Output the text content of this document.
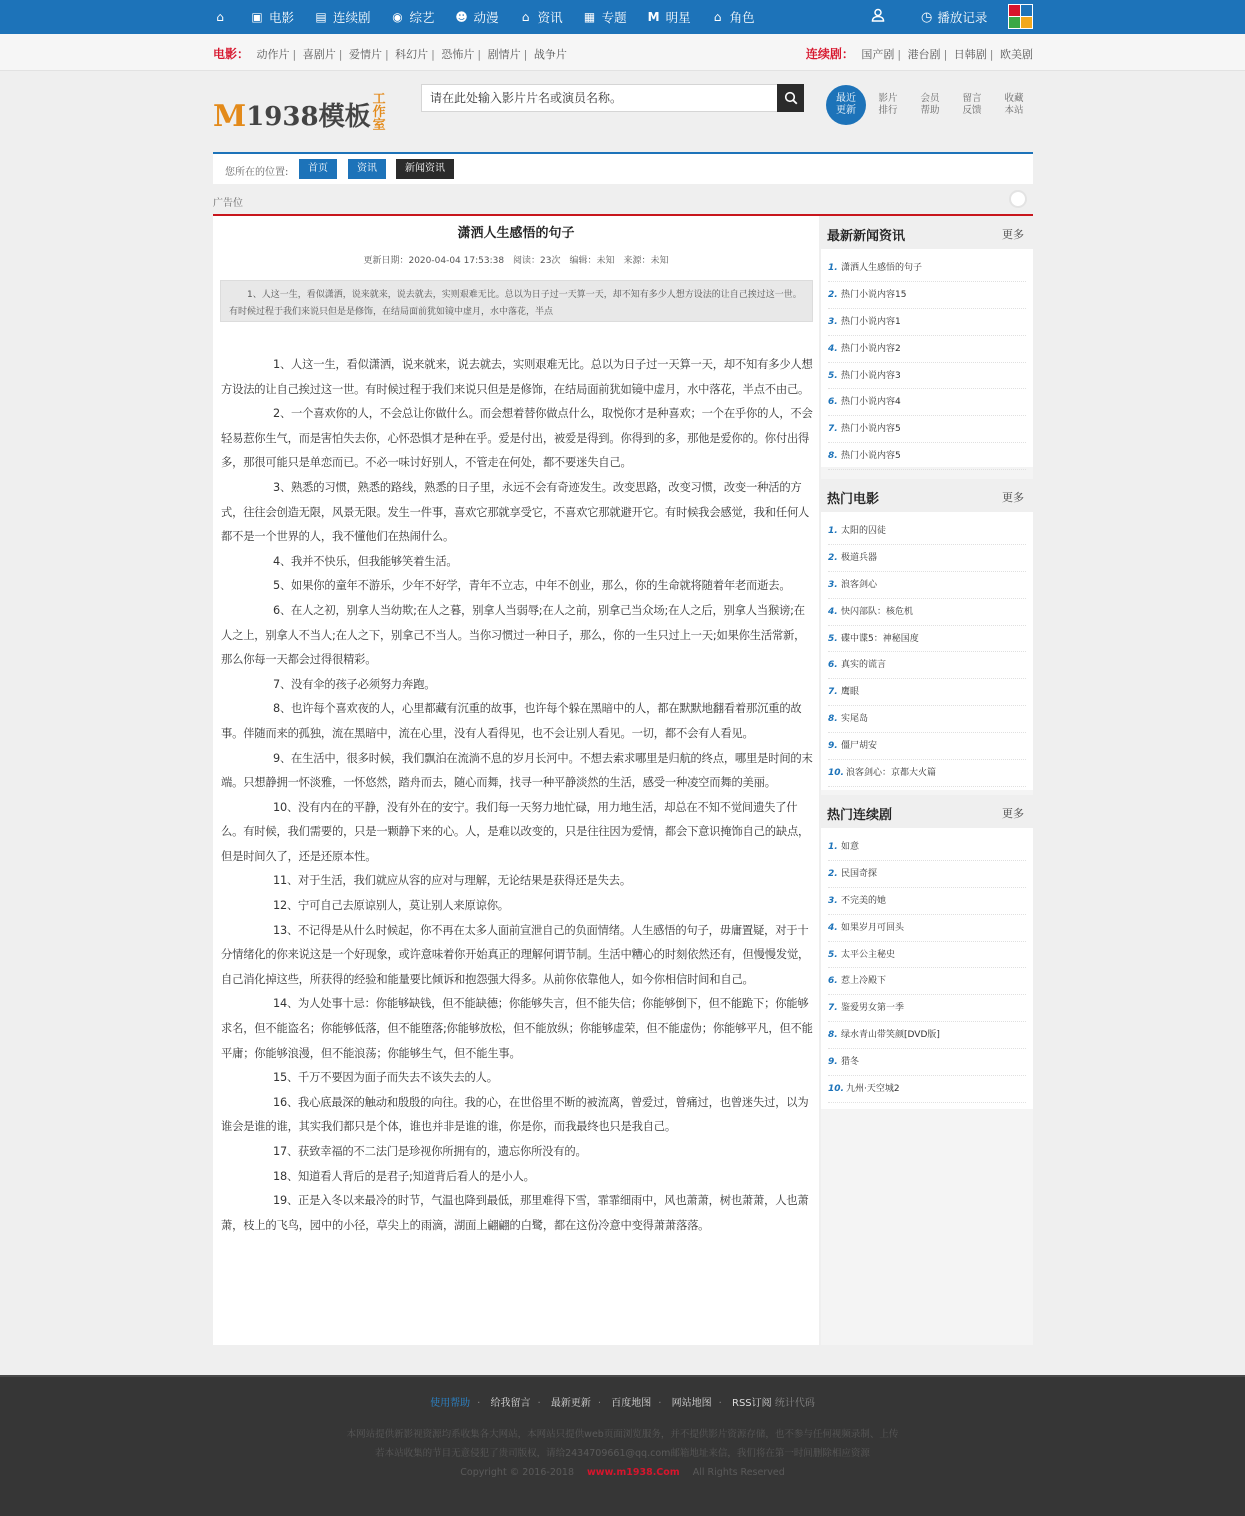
⌂ ▣ 电影 ▤ 连续剧 ◉ 综艺 ☻ 动漫 ⌂ 资讯 ▦ 专题 M 明星 ⌂ 角色	◷ 播放记录
电影： 动作片 | 喜剧片 | 爱情片 | 科幻片 | 恐怖片 | 剧情片 | 战争片	连续剧： 国产剧 | 港台剧 | 日韩剧 | 欧美剧
M 1938模板
工
作
室
请在此处输入影片片名或演员名称。
最近
更新
影片
排行
会员
帮助
留言
反馈
收藏
本站
您所在的位置:	首页	资讯	新闻资讯
广告位
潇洒人生感悟的句子
更新日期：2020-04-04 17:53:38　阅读：23次　编辑：未知　来源：未知
1、人这一生，看似潇洒，说来就来，说去就去，实则艰难无比。总以为日子过一天算一天，却不知有多少人想方设法的让自己挨过这一世。有时候过程于我们来说只但是是修饰，在结局面前犹如镜中虚月，水中落花，半点

1、人这一生，看似潇洒，说来就来，说去就去，实则艰难无比。总以为日子过一天算一天，却不知有多少人想方设法的让自己挨过这一世。有时候过程于我们来说只但是是修饰，在结局面前犹如镜中虚月，水中落花，半点不由己。

2、一个喜欢你的人，不会总让你做什么。而会想着替你做点什么，取悦你才是种喜欢；一个在乎你的人，不会轻易惹你生气，而是害怕失去你，心怀恐惧才是种在乎。爱是付出，被爱是得到。你得到的多，那他是爱你的。你付出得多，那很可能只是单恋而已。不必一味讨好别人，不管走在何处，都不要迷失自己。

3、熟悉的习惯，熟悉的路线，熟悉的日子里，永远不会有奇迹发生。改变思路，改变习惯，改变一种活的方式，往往会创造无限，风景无限。发生一件事，喜欢它那就享受它，不喜欢它那就避开它。有时候我会感觉，我和任何人都不是一个世界的人，我不懂他们在热闹什么。

4、我并不快乐，但我能够笑着生活。

5、如果你的童年不游乐，少年不好学，青年不立志，中年不创业，那么，你的生命就将随着年老而逝去。

6、在人之初，别拿人当幼欺;在人之暮，别拿人当弱辱;在人之前，别拿己当众场;在人之后，别拿人当猴谤;在人之上，别拿人不当人;在人之下，别拿己不当人。当你习惯过一种日子，那么，你的一生只过上一天;如果你生活常新，那么你每一天都会过得很精彩。

7、没有伞的孩子必须努力奔跑。

8、也许每个喜欢夜的人，心里都藏有沉重的故事，也许每个躲在黑暗中的人，都在默默地翻看着那沉重的故事。伴随而来的孤独，流在黑暗中，流在心里，没有人看得见，也不会让别人看见。一切，都不会有人看见。

9、在生活中，很多时候，我们飘泊在流淌不息的岁月长河中。不想去索求哪里是归航的终点，哪里是时间的末端。只想静拥一怀淡雅，一怀悠然，踏舟而去，随心而舞，找寻一种平静淡然的生活，感受一种凌空而舞的美丽。

10、没有内在的平静，没有外在的安宁。我们每一天努力地忙碌，用力地生活，却总在不知不觉间遗失了什么。有时候，我们需要的，只是一颗静下来的心。人，是难以改变的，只是往往因为爱情，都会下意识掩饰自己的缺点，但是时间久了，还是还原本性。

11、对于生活，我们就应从容的应对与理解，无论结果是获得还是失去。

12、宁可自己去原谅别人，莫让别人来原谅你。

13、不记得是从什么时候起，你不再在太多人面前宣泄自己的负面情绪。人生感悟的句子，毋庸置疑，对于十分情绪化的你来说这是一个好现象，或许意味着你开始真正的理解何谓节制。生活中糟心的时刻依然还有，但慢慢发觉，自己消化掉这些，所获得的经验和能量要比倾诉和抱怨强大得多。从前你依靠他人，如今你相信时间和自己。

14、为人处事十忌：你能够缺钱，但不能缺德；你能够失言，但不能失信；你能够倒下，但不能跪下；你能够求名，但不能盗名；你能够低落，但不能堕落;你能够放松，但不能放纵；你能够虚荣，但不能虚伪；你能够平凡，但不能平庸；你能够浪漫，但不能浪荡；你能够生气，但不能生事。

15、千万不要因为面子而失去不该失去的人。

16、我心底最深的触动和殷殷的向往。我的心，在世俗里不断的被流离，曾爱过，曾痛过，也曾迷失过，以为谁会是谁的谁，其实我们都只是个体，谁也并非是谁的谁，你是你，而我最终也只是我自己。

17、获致幸福的不二法门是珍视你所拥有的，遗忘你所没有的。

18、知道看人背后的是君子;知道背后看人的是小人。

19、正是入冬以来最冷的时节，气温也降到最低，那里难得下雪，霏霏细雨中，风也萧萧，树也萧萧，人也萧萧，枝上的飞鸟，园中的小径，草尖上的雨滴，湖面上翩翩的白鹭，都在这份冷意中变得萧萧落落。

最新新闻资讯	更多
1. 潇洒人生感悟的句子
2. 热门小说内容15
3. 热门小说内容1
4. 热门小说内容2
5. 热门小说内容3
6. 热门小说内容4
7. 热门小说内容5
8. 热门小说内容5
热门电影	更多
1. 太阳的囚徒
2. 极道兵器
3. 浪客剑心
4. 快闪部队：核危机
5. 碟中谍5：神秘国度
6. 真实的谎言
7. 鹰眼
8. 实尾岛
9. 僵尸胡安
10. 浪客剑心：京都大火篇
热门连续剧	更多
1. 如意
2. 民国奇探
3. 不完美的她
4. 如果岁月可回头
5. 太平公主秘史
6. 惹上冷殿下
7. 鉴爱男女第一季
8. 绿水青山带笑颜[DVD版]
9. 猎冬
10. 九州·天空城2
使用帮助 · 给我留言 · 最新更新 · 百度地图 · 网站地图 · RSS订阅 统计代码
本网站提供新影视资源均系收集各大网站，本网站只提供web页面浏览服务，并不提供影片资源存储，也不参与任何视频录制、上传
若本站收集的节目无意侵犯了贵司版权，请给2434709661@qq.com邮箱地址来信，我们将在第一时间删除相应资源
Copyright © 2016-2018 www.m1938.Com All Rights Reserved
